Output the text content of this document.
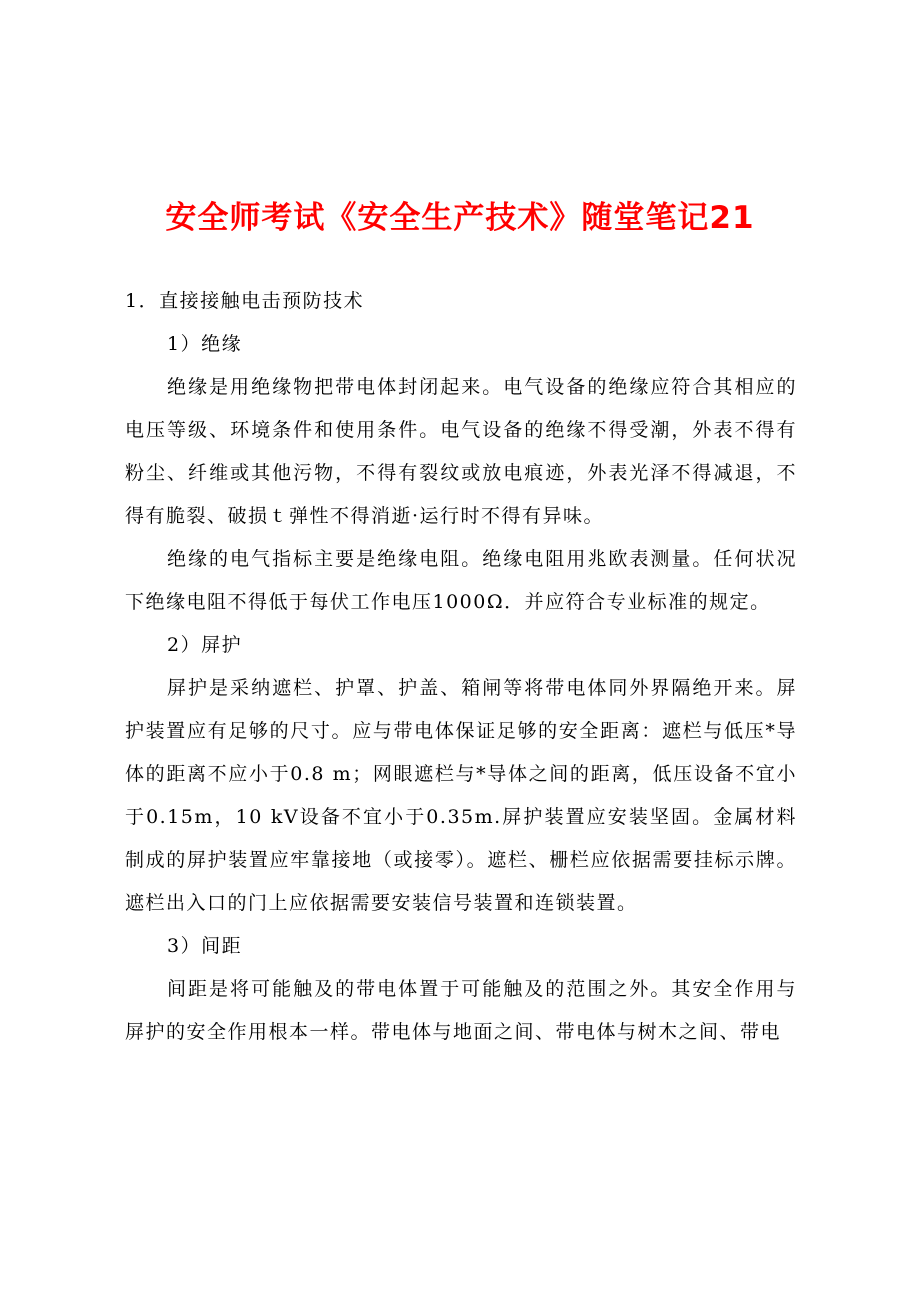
安全师考试《安全生产技术》随堂笔记21

1．直接接触电击预防技术

1）绝缘

绝缘是用绝缘物把带电体封闭起来。电气设备的绝缘应符合其相应的电压等级、环境条件和使用条件。电气设备的绝缘不得受潮，外表不得有粉尘、纤维或其他污物，不得有裂纹或放电痕迹，外表光泽不得减退，不得有脆裂、破损ｔ弹性不得消逝·运行时不得有异味。

绝缘的电气指标主要是绝缘电阻。绝缘电阻用兆欧表测量。任何状况下绝缘电阻不得低于每伏工作电压1000Ω．并应符合专业标准的规定。

2）屏护

屏护是采纳遮栏、护罩、护盖、箱闸等将带电体同外界隔绝开来。屏护装置应有足够的尺寸。应与带电体保证足够的安全距离：遮栏与低压*导体的距离不应小于0.8 m；网眼遮栏与*导体之间的距离，低压设备不宜小于0.15m，10 kV设备不宜小于0.35m.屏护装置应安装坚固。金属材料制成的屏护装置应牢靠接地（或接零）。遮栏、栅栏应依据需要挂标示牌。遮栏出入口的门上应依据需要安装信号装置和连锁装置。

3）间距

间距是将可能触及的带电体置于可能触及的范围之外。其安全作用与屏护的安全作用根本一样。带电体与地面之间、带电体与树木之间、带电
